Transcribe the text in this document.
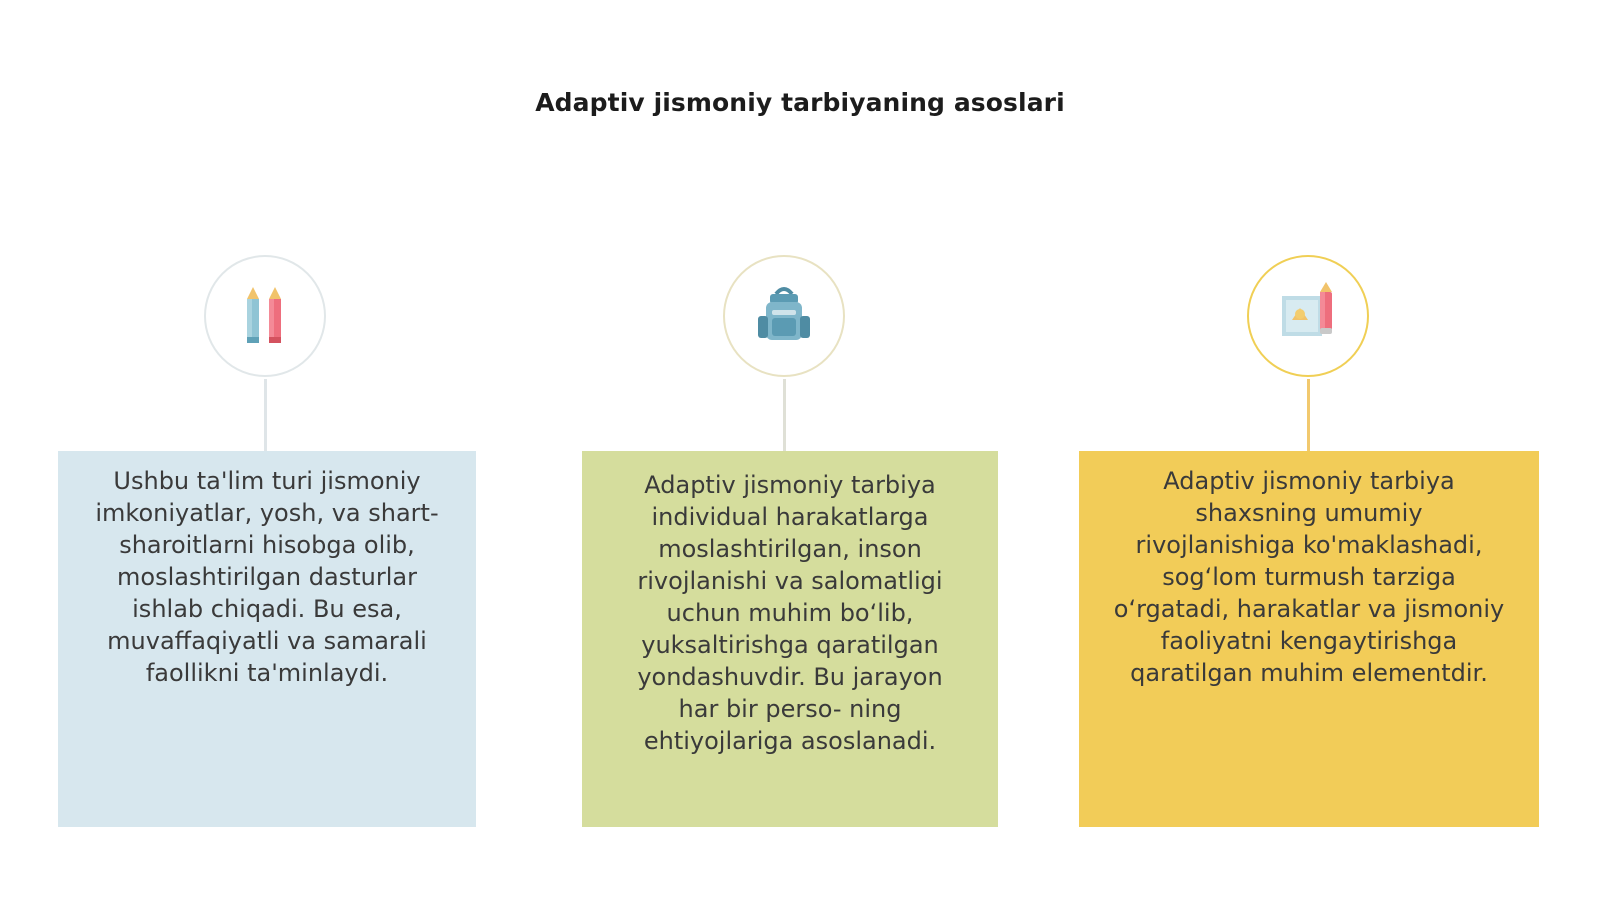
Adaptiv jismoniy tarbiyaning asoslari

Ushbu ta'lim turi jismoniy

imkoniyatlar, yosh, va shart-

sharoitlarni hisobga olib,

moslashtirilgan dasturlar

ishlab chiqadi. Bu esa,

muvaffaqiyatli va samarali

faollikni ta'minlaydi.

Adaptiv jismoniy tarbiya

individual harakatlarga

moslashtirilgan, inson

rivojlanishi va salomatligi

uchun muhim bo‘lib,

yuksaltirishga qaratilgan

yondashuvdir. Bu jarayon

har bir perso- ning

ehtiyojlariga asoslanadi.

Adaptiv jismoniy tarbiya

shaxsning umumiy

rivojlanishiga ko'maklashadi,

sog‘lom turmush tarziga

o‘rgatadi, harakatlar va jismoniy

faoliyatni kengaytirishga

qaratilgan muhim elementdir.
